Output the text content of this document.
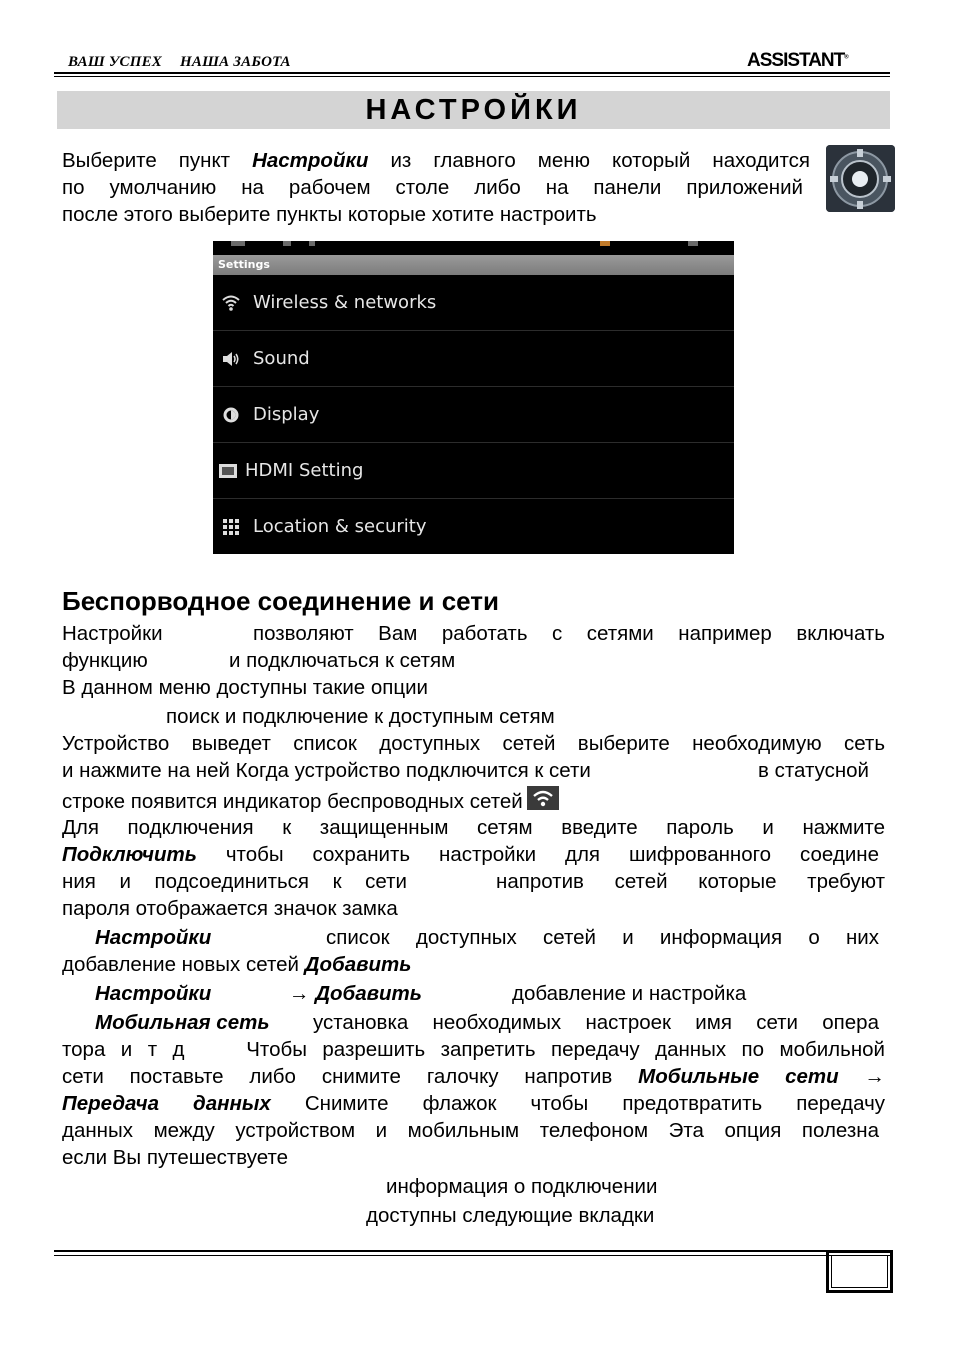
ВАШ УСПЕХ НАША ЗАБОТА	ASSISTANT®
НАСТРОЙКИ
Выберите пункт Настройки из главного меню который находится
по умолчанию на рабочем столе либо на панели приложений
после этого выберите пункты которые хотите настроить
Settings
Wireless & networks
Sound
Display
HDMI Setting
Location & security
Беспорводное соединение и сети
Настройки	позволяют Вам работать с сетями например включать
функцию	и подключаться к сетям
В данном меню доступны такие опции
поиск и подключение к доступным сетям
Устройство выведет список доступных сетей выберите необходимую сеть
и нажмите на ней Когда устройство подключится к сети	в статусной
строке появится индикатор беспроводных сетей
Для подключения к защищенным сетям введите пароль и нажмите
Подключить чтобы сохранить настройки для шифрованного соедине
ния и подсоединиться к сети	напротив сетей которые требуют
пароля отображается значок замка
Настройки	список доступных сетей и информация о них
добавление новых сетей Добавить
Настройки	→ Добавить	добавление и настройка
Мобильная сеть установка необходимых настроек имя сети опера
тора и т д    Чтобы разрешить запретить передачу данных по мобильной
сети поставьте либо снимите галочку напротив Мобильные сети →
Передача данных Снимите флажок чтобы предотвратить передачу
данных между устройством и мобильным телефоном Эта опция полезна
если Вы путешествуете
информация о подключении
доступны следующие вкладки
